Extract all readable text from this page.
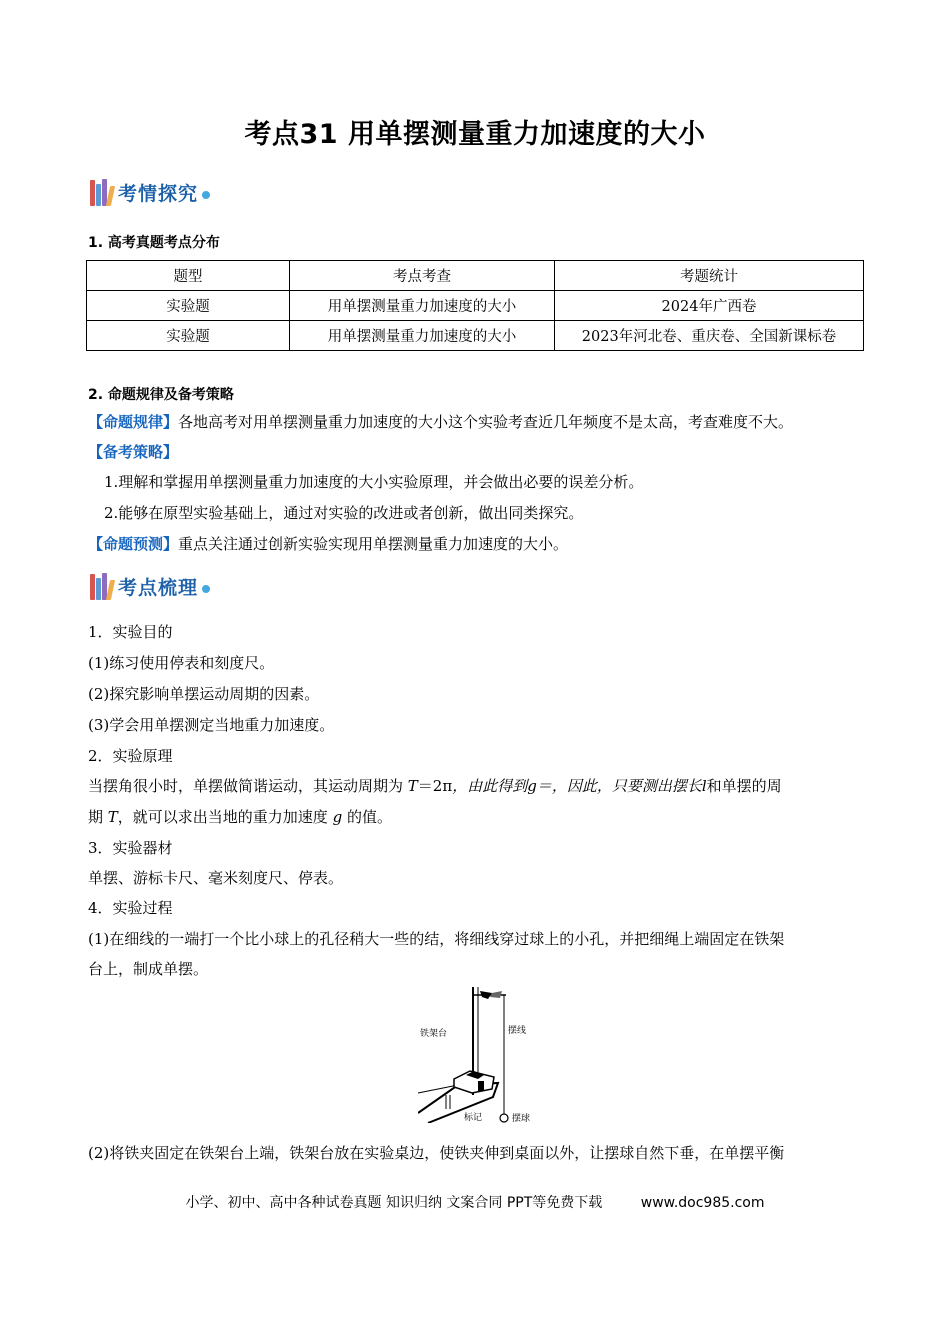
考点31 用单摆测量重力加速度的大小
考情探究
1. 高考真题考点分布
题型	考点考查	考题统计
实验题	用单摆测量重力加速度的大小	2024年广西卷
实验题	用单摆测量重力加速度的大小	2023年河北卷、重庆卷、全国新课标卷
2. 命题规律及备考策略
【命题规律】各地高考对用单摆测量重力加速度的大小这个实验考查近几年频度不是太高，考查难度不大。
【备考策略】
1.理解和掌握用单摆测量重力加速度的大小实验原理，并会做出必要的误差分析。
2.能够在原型实验基础上，通过对实验的改进或者创新，做出同类探究。
【命题预测】重点关注通过创新实验实现用单摆测量重力加速度的大小。
考点梳理
1．实验目的
(1)练习使用停表和刻度尺。
(2)探究影响单摆运动周期的因素。
(3)学会用单摆测定当地重力加速度。
2．实验原理
当摆角很小时，单摆做简谐运动，其运动周期为 T＝2π，由此得到g＝，因此，只要测出摆长l和单摆的周
期 T，就可以求出当地的重力加速度 g 的值。
3．实验器材
单摆、游标卡尺、毫米刻度尺、停表。
4．实验过程
(1)在细线的一端打一个比小球上的孔径稍大一些的结，将细线穿过球上的小孔，并把细绳上端固定在铁架
台上，制成单摆。
铁架台	摆线
标记	摆球
(2)将铁夹固定在铁架台上端，铁架台放在实验桌边，使铁夹伸到桌面以外，让摆球自然下垂，在单摆平衡
小学、初中、高中各种试卷真题 知识归纳 文案合同 PPT等免费下载	www.doc985.com
